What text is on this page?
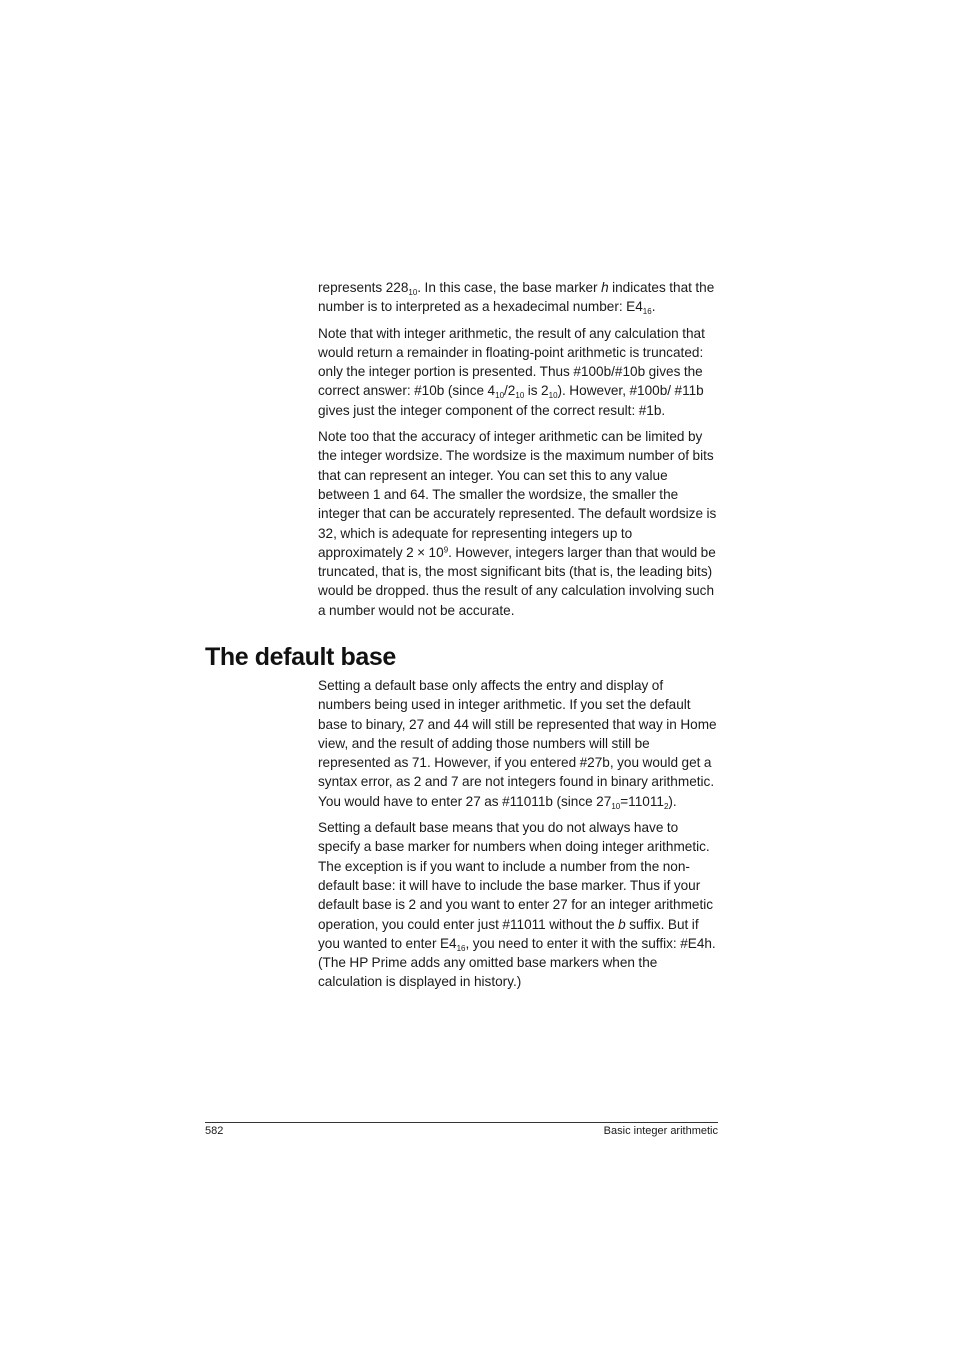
represents $228_{10}$. In this case, the base marker h indicates that the number is to interpreted as a hexadecimal number: $E4_{16}$.

Note that with integer arithmetic, the result of any calculation that would return a remainder in floating-point arithmetic is truncated: only the integer portion is presented. Thus #100b/#10b gives the correct answer: #10b (since $4_{10}/2_{10}$ is $2_{10}$). However, #100b/ #11b gives just the integer component of the correct result: #1b.

Note too that the accuracy of integer arithmetic can be limited by the integer wordsize. The wordsize is the maximum number of bits that can represent an integer. You can set this to any value between 1 and 64. The smaller the wordsize, the smaller the integer that can be accurately represented. The default wordsize is 32, which is adequate for representing integers up to approximately $2 \times 10^9$. However, integers larger than that would be truncated, that is, the most significant bits (that is, the leading bits) would be dropped. thus the result of any calculation involving such a number would not be accurate.

The default base

Setting a default base only affects the entry and display of numbers being used in integer arithmetic. If you set the default base to binary, 27 and 44 will still be represented that way in Home view, and the result of adding those numbers will still be represented as 71. However, if you entered #27b, you would get a syntax error, as 2 and 7 are not integers found in binary arithmetic. You would have to enter 27 as #11011b (since $27_{10}=11011_2$).

Setting a default base means that you do not always have to specify a base marker for numbers when doing integer arithmetic. The exception is if you want to include a number from the non-default base: it will have to include the base marker. Thus if your default base is 2 and you want to enter 27 for an integer arithmetic operation, you could enter just #11011 without the b suffix. But if you wanted to enter $E4_{16}$, you need to enter it with the suffix: #E4h. (The HP Prime adds any omitted base markers when the calculation is displayed in history.)

582	Basic integer arithmetic
